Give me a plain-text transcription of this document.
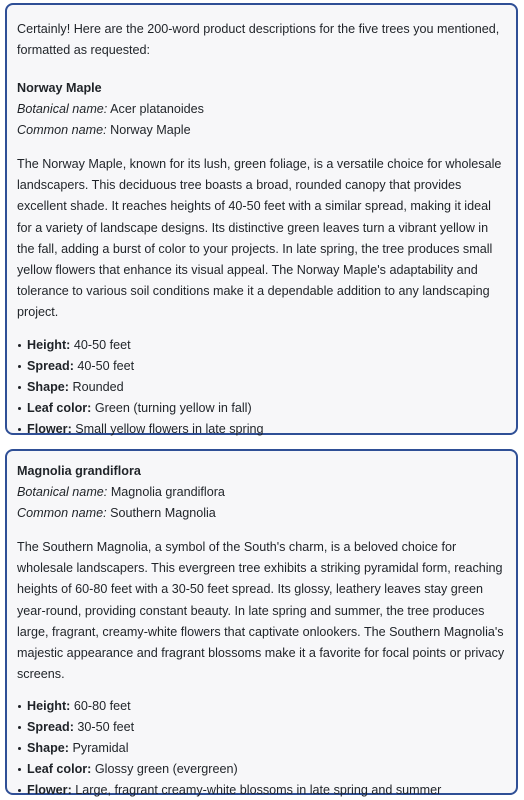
Certainly! Here are the 200-word product descriptions for the five trees you mentioned, formatted as requested:
Norway Maple
Botanical name: Acer platanoides
Common name: Norway Maple

The Norway Maple, known for its lush, green foliage, is a versatile choice for wholesale landscapers. This deciduous tree boasts a broad, rounded canopy that provides excellent shade. It reaches heights of 40-50 feet with a similar spread, making it ideal for a variety of landscape designs. Its distinctive green leaves turn a vibrant yellow in the fall, adding a burst of color to your projects. In late spring, the tree produces small yellow flowers that enhance its visual appeal. The Norway Maple's adaptability and tolerance to various soil conditions make it a dependable addition to any landscaping project.

Height: 40-50 feet
Spread: 40-50 feet
Shape: Rounded
Leaf color: Green (turning yellow in fall)
Flower: Small yellow flowers in late spring
Magnolia grandiflora
Botanical name: Magnolia grandiflora
Common name: Southern Magnolia

The Southern Magnolia, a symbol of the South's charm, is a beloved choice for wholesale landscapers. This evergreen tree exhibits a striking pyramidal form, reaching heights of 60-80 feet with a 30-50 feet spread. Its glossy, leathery leaves stay green year-round, providing constant beauty. In late spring and summer, the tree produces large, fragrant, creamy-white flowers that captivate onlookers. The Southern Magnolia's majestic appearance and fragrant blossoms make it a favorite for focal points or privacy screens.

Height: 60-80 feet
Spread: 30-50 feet
Shape: Pyramidal
Leaf color: Glossy green (evergreen)
Flower: Large, fragrant creamy-white blossoms in late spring and summer
